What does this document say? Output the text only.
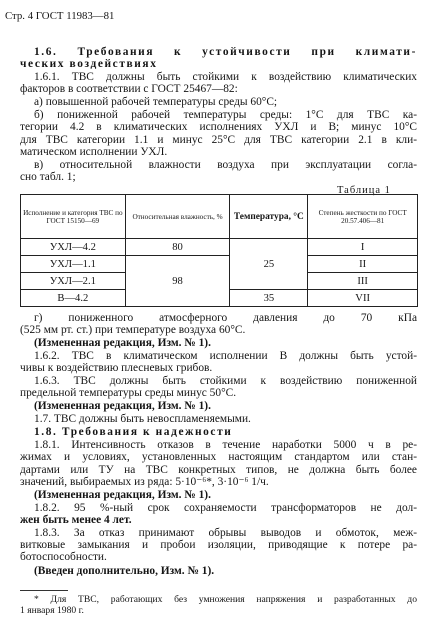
Стр. 4 ГОСТ 11983—81
1.6. Требования к устойчивости при климати-
ческих воздействиях
1.6.1. ТВС должны быть стойкими к воздействию климатических
факторов в соответствии с ГОСТ 25467—82:
а) повышенной рабочей температуры среды 60°С;
б) пониженной рабочей температуры среды: 1°С для ТВС ка-
тегории 4.2 в климатических исполнениях УХЛ и В; минус 10°С
для ТВС категории 1.1 и минус 25°С для ТВС категории 2.1 в кли-
матическом исполнении УХЛ.
в) относительной влажности воздуха при эксплуатации согла-
сно табл. 1;
Таблица 1
Исполнение и категория ТВС по ГОСТ 15150—69	Относительная влажность, %	Температура, °С	Степень жесткости по ГОСТ 20.57.406—81
УХЛ—4.2	80	25	I
УХЛ—1.1	98		II
УХЛ—2.1			III
В—4.2		35	VII
г) пониженного атмосферного давления до 70 кПа
(525 мм рт. ст.) при температуре воздуха 60°С.
(Измененная редакция, Изм. № 1).
1.6.2. ТВС в климатическом исполнении В должны быть устой-
чивы к воздействию плесневых грибов.
1.6.3. ТВС должны быть стойкими к воздействию пониженной
предельной температуры среды минус 50°С.
(Измененная редакция, Изм. № 1).
1.7. ТВС должны быть невоспламеняемыми.
1.8. Требования к надежности
1.8.1. Интенсивность отказов в течение наработки 5000 ч в ре-
жимах и условиях, установленных настоящим стандартом или стан-
дартами или ТУ на ТВС конкретных типов, не должна быть более
значений, выбираемых из ряда: 5·10⁻⁶*, 3·10⁻⁶ 1/ч.
(Измененная редакция, Изм. № 1).
1.8.2. 95 %-ный срок сохраняемости трансформаторов не дол-
жен быть менее 4 лет.
1.8.3. За отказ принимают обрывы выводов и обмоток, меж-
витковые замыкания и пробои изоляции, приводящие к потере ра-
ботоспособности.
(Введен дополнительно, Изм. № 1).
* Для ТВС, работающих без умножения напряжения и разработанных до
1 января 1980 г.
